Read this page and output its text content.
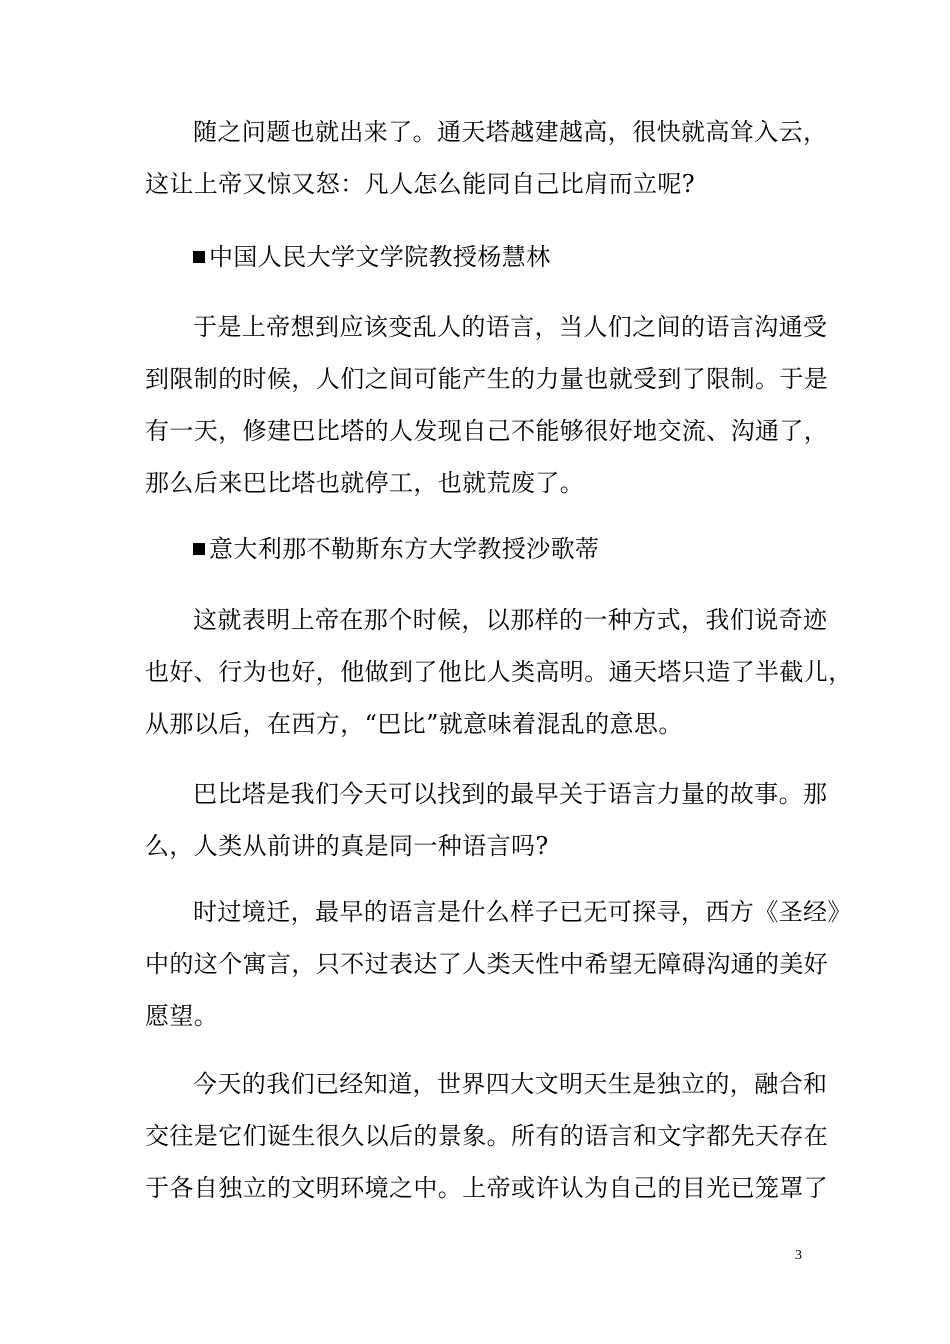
随之问题也就出来了。通天塔越建越高，很快就高耸入云，
这让上帝又惊又怒：凡人怎么能同自己比肩而立呢?
中国人民大学文学院教授杨慧林
于是上帝想到应该变乱人的语言，当人们之间的语言沟通受
到限制的时候，人们之间可能产生的力量也就受到了限制。于是
有一天，修建巴比塔的人发现自己不能够很好地交流、沟通了，
那么后来巴比塔也就停工，也就荒废了。
意大利那不勒斯东方大学教授沙歌蒂
这就表明上帝在那个时候，以那样的一种方式，我们说奇迹
也好、行为也好，他做到了他比人类高明。通天塔只造了半截儿，
从那以后，在西方，“巴比”就意味着混乱的意思。
巴比塔是我们今天可以找到的最早关于语言力量的故事。那
么，人类从前讲的真是同一种语言吗?
时过境迁，最早的语言是什么样子已无可探寻，西方《圣经》
中的这个寓言，只不过表达了人类天性中希望无障碍沟通的美好
愿望。
今天的我们已经知道，世界四大文明天生是独立的，融合和
交往是它们诞生很久以后的景象。所有的语言和文字都先天存在
于各自独立的文明环境之中。上帝或许认为自己的目光已笼罩了
3
